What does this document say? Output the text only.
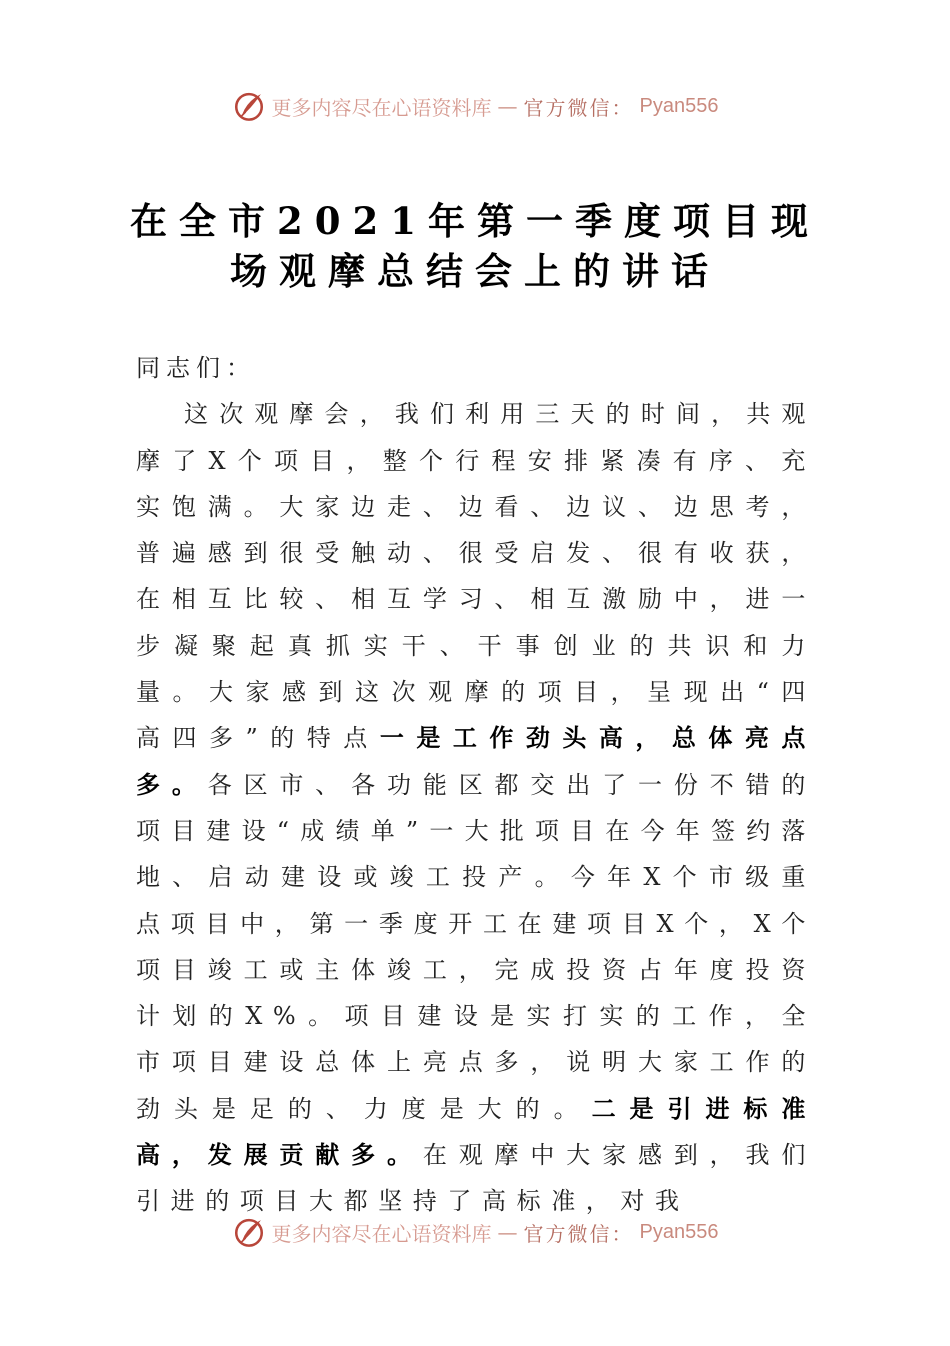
更多内容尽在心语资料库 — 官方微信： Pyan556
在全市2021年第一季度项目现
场观摩总结会上的讲话
同志们：
这次观摩会，我们利用三天的时间，共观摩了X个项目，整个行程安排紧凑有序、充实饱满。大家边走、边看、边议、边思考，普遍感到很受触动、很受启发、很有收获，在相互比较、相互学习、相互激励中，进一步凝聚起真抓实干、干事创业的共识和力量。大家感到这次观摩的项目，呈现出“四高四多”的特点一是工作劲头高，总体亮点多。各区市、各功能区都交出了一份不错的项目建设“成绩单”一大批项目在今年签约落地、启动建设或竣工投产。今年X个市级重点项目中，第一季度开工在建项目X个，X个项目竣工或主体竣工，完成投资占年度投资计划的X%。项目建设是实打实的工作，全市项目建设总体上亮点多，说明大家工作的劲头是足的、力度是大的。二是引进标准高，发展贡献多。在观摩中大家感到，我们引进的项目大都坚持了高标准，对我
更多内容尽在心语资料库 — 官方微信： Pyan556
